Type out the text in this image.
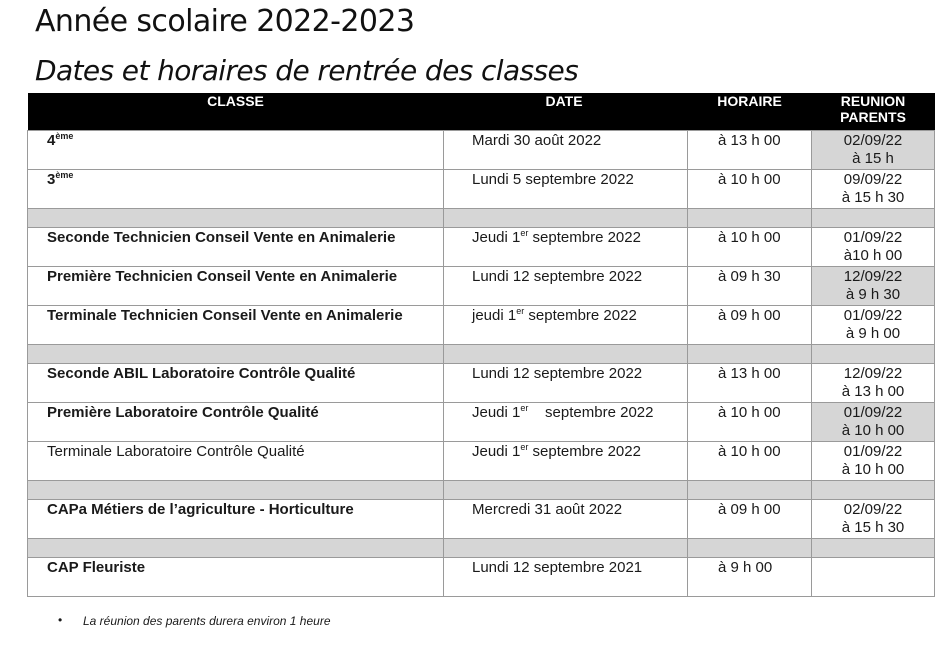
Année scolaire 2022-2023
Dates et horaires de rentrée des classes
CLASSE	DATE	HORAIRE	REUNION
PARENTS
4ème	Mardi 30 août 2022	à 13 h 00	02/09/22
à 15 h
3ème	Lundi 5 septembre 2022	à 10 h 00	09/09/22
à 15 h 30

Seconde Technicien Conseil Vente en Animalerie	Jeudi 1er septembre 2022	à 10 h 00	01/09/22
à10 h 00
Première Technicien Conseil Vente en Animalerie	Lundi 12 septembre 2022	à 09 h 30	12/09/22
à 9 h 30
Terminale Technicien Conseil Vente en Animalerie	jeudi 1er septembre 2022	à 09 h 00	01/09/22
à 9 h 00

Seconde ABIL Laboratoire Contrôle Qualité	Lundi 12 septembre 2022	à 13 h 00	12/09/22
à 13 h 00
Première Laboratoire Contrôle Qualité	Jeudi 1er    septembre 2022	à 10 h 00	01/09/22
à 10 h 00
Terminale Laboratoire Contrôle Qualité	Jeudi 1er septembre 2022	à 10 h 00	01/09/22
à 10 h 00

CAPa Métiers de l’agriculture - Horticulture	Mercredi 31 août 2022	à 09 h 00	02/09/22
à 15 h 30

CAP Fleuriste	Lundi 12 septembre 2021	à 9 h 00	

• La réunion des parents durera environ 1 heure
